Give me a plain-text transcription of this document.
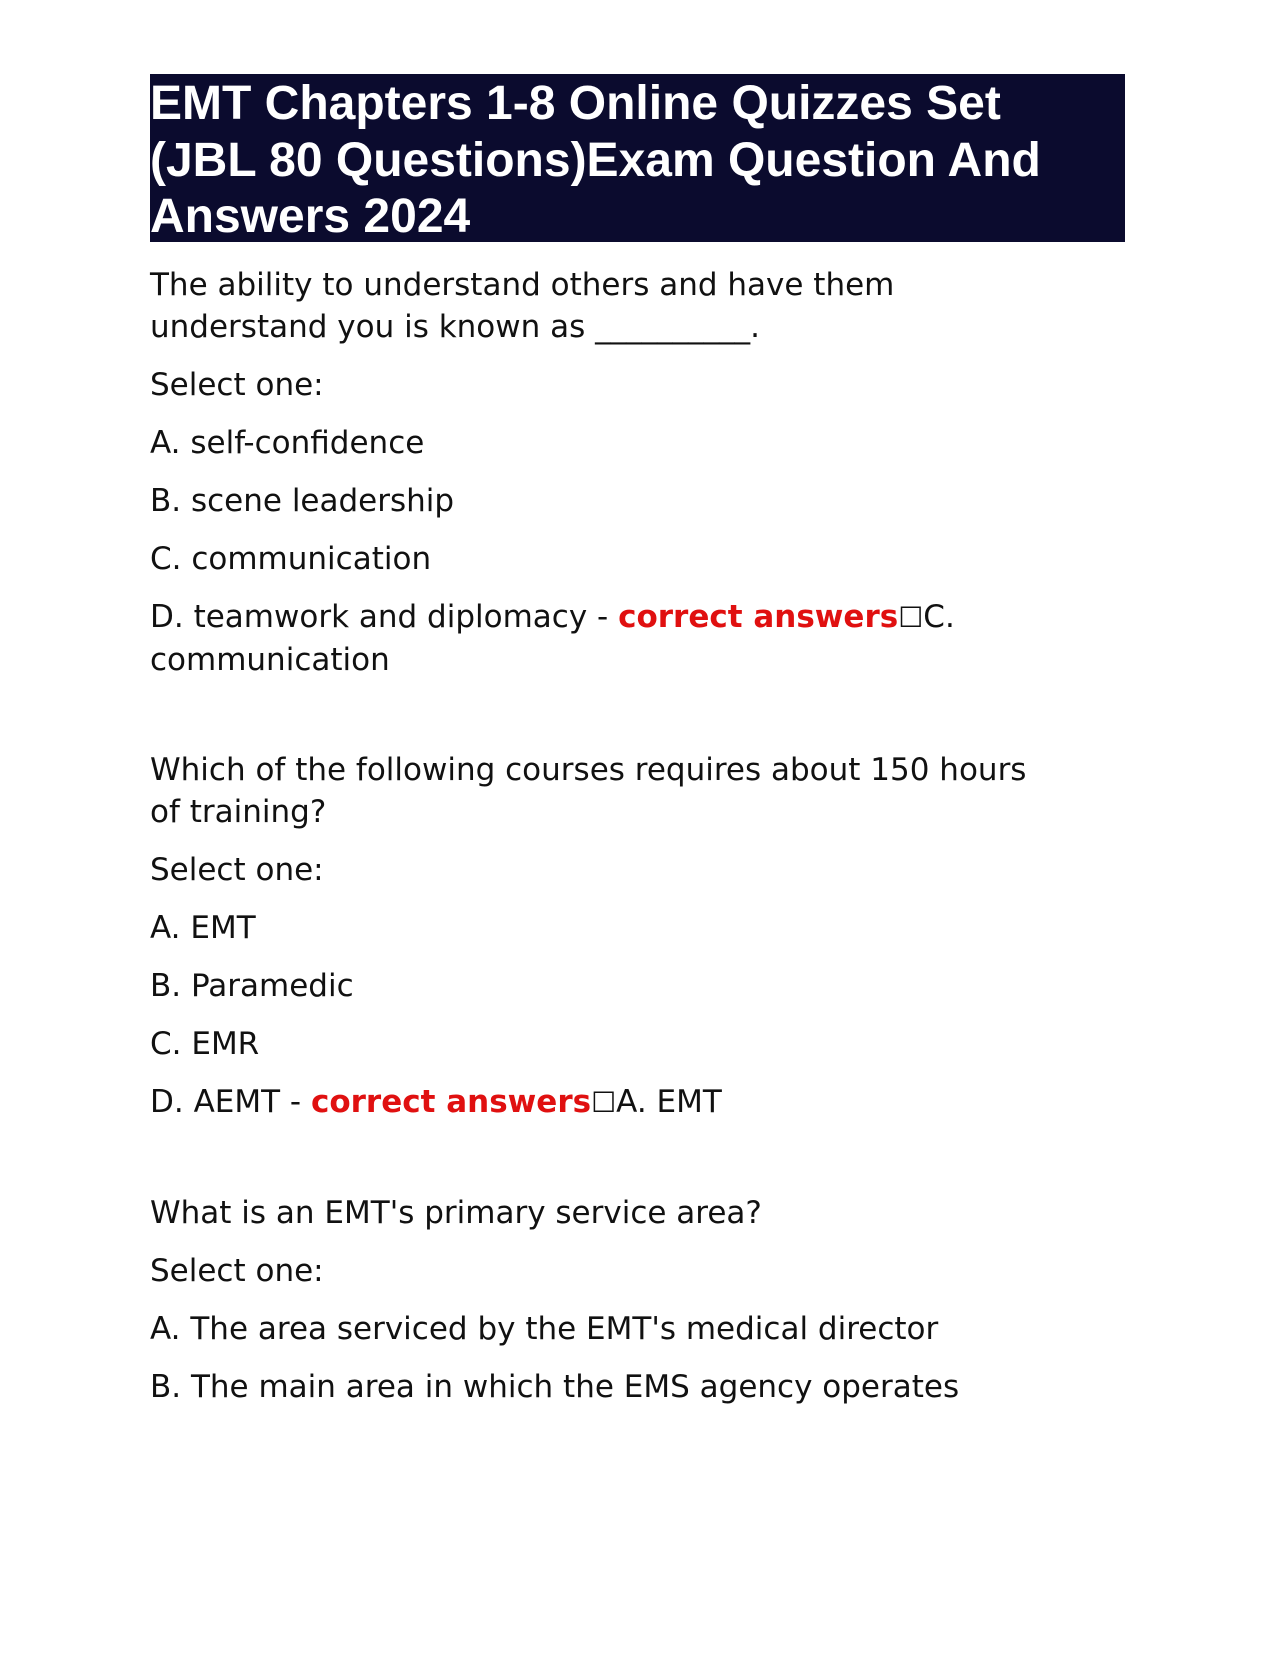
EMT Chapters 1-8 Online Quizzes Set
(JBL 80 Questions)Exam Question And
Answers 2024

The ability to understand others and have them

understand you is known as __________.

Select one:

A. self-confidence

B. scene leadership

C. communication

D. teamwork and diplomacy - correct answers☐C.

communication

Which of the following courses requires about 150 hours

of training?

Select one:

A. EMT

B. Paramedic

C. EMR

D. AEMT - correct answers☐A. EMT

What is an EMT's primary service area?

Select one:

A. The area serviced by the EMT's medical director

B. The main area in which the EMS agency operates
